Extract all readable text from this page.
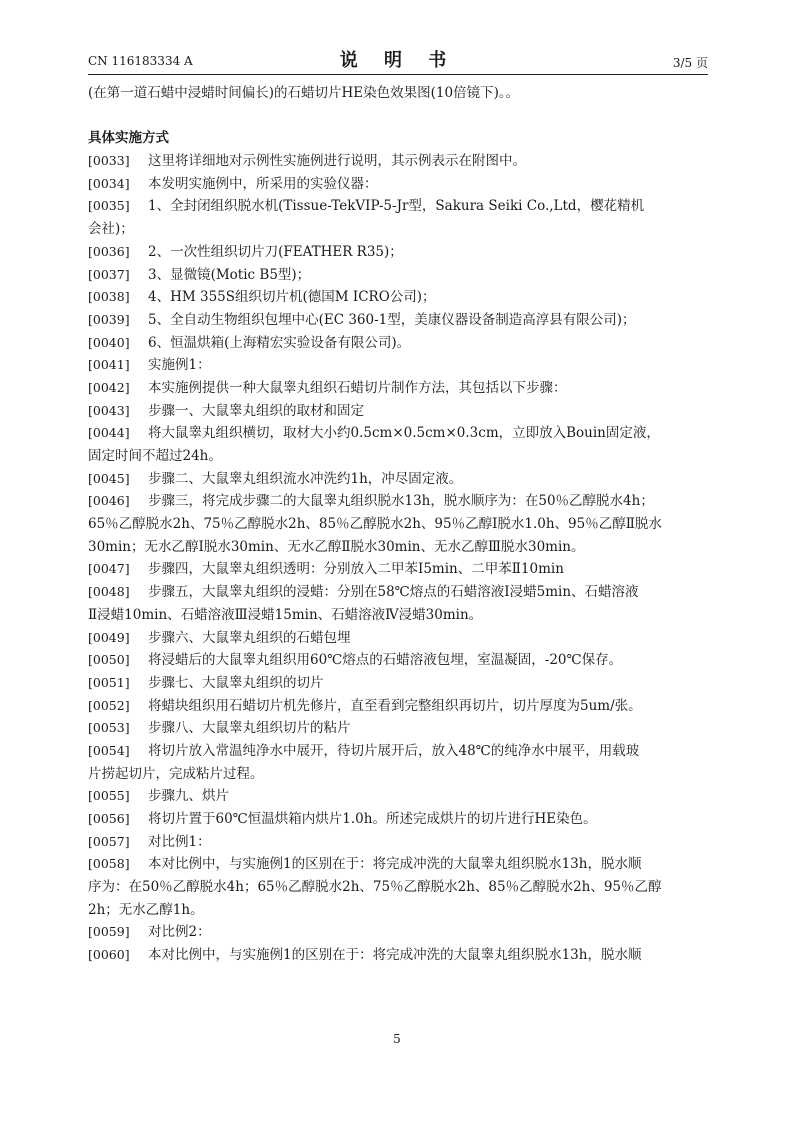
CN 116183334 A	说 明 书	3/5 页
(在第一道石蜡中浸蜡时间偏长)的石蜡切片HE染色效果图(10倍镜下)。。
具体实施方式
[0033]	这里将详细地对示例性实施例进行说明，其示例表示在附图中。
[0034]	本发明实施例中，所采用的实验仪器：
[0035]	1、全封闭组织脱水机(Tissue-TekVIP-5-Jr型，Sakura Seiki Co.,Ltd，樱花精机
会社)；
[0036]	2、一次性组织切片刀(FEATHER R35)；
[0037]	3、显微镜(Motic B5型)；
[0038]	4、HM 355S组织切片机(德国M ICRO公司)；
[0039]	5、全自动生物组织包埋中心(EC 360-1型，美康仪器设备制造高淳县有限公司)；
[0040]	6、恒温烘箱(上海精宏实验设备有限公司)。
[0041]	实施例1：
[0042]	本实施例提供一种大鼠睾丸组织石蜡切片制作方法，其包括以下步骤：
[0043]	步骤一、大鼠睾丸组织的取材和固定
[0044]	将大鼠睾丸组织横切，取材大小约0.5cm×0.5cm×0.3cm，立即放入Bouin固定液，
固定时间不超过24h。
[0045]	步骤二、大鼠睾丸组织流水冲洗约1h，冲尽固定液。
[0046]	步骤三，将完成步骤二的大鼠睾丸组织脱水13h，脱水顺序为：在50％乙醇脱水4h；
65％乙醇脱水2h、75％乙醇脱水2h、85％乙醇脱水2h、95％乙醇Ⅰ脱水1.0h、95％乙醇Ⅱ脱水
30min；无水乙醇Ⅰ脱水30min、无水乙醇Ⅱ脱水30min、无水乙醇Ⅲ脱水30min。
[0047]	步骤四，大鼠睾丸组织透明：分别放入二甲苯Ⅰ5min、二甲苯Ⅱ10min
[0048]	步骤五，大鼠睾丸组织的浸蜡：分别在58℃熔点的石蜡溶液Ⅰ浸蜡5min、石蜡溶液
Ⅱ浸蜡10min、石蜡溶液Ⅲ浸蜡15min、石蜡溶液Ⅳ浸蜡30min。
[0049]	步骤六、大鼠睾丸组织的石蜡包埋
[0050]	将浸蜡后的大鼠睾丸组织用60℃熔点的石蜡溶液包埋，室温凝固，-20℃保存。
[0051]	步骤七、大鼠睾丸组织的切片
[0052]	将蜡块组织用石蜡切片机先修片，直至看到完整组织再切片，切片厚度为5um/张。
[0053]	步骤八、大鼠睾丸组织切片的粘片
[0054]	将切片放入常温纯净水中展开，待切片展开后，放入48℃的纯净水中展平，用载玻
片捞起切片，完成粘片过程。
[0055]	步骤九、烘片
[0056]	将切片置于60℃恒温烘箱内烘片1.0h。所述完成烘片的切片进行HE染色。
[0057]	对比例1：
[0058]	本对比例中，与实施例1的区别在于：将完成冲洗的大鼠睾丸组织脱水13h，脱水顺
序为：在50％乙醇脱水4h；65％乙醇脱水2h、75％乙醇脱水2h、85％乙醇脱水2h、95％乙醇
2h；无水乙醇1h。
[0059]	对比例2：
[0060]	本对比例中，与实施例1的区别在于：将完成冲洗的大鼠睾丸组织脱水13h，脱水顺
5
